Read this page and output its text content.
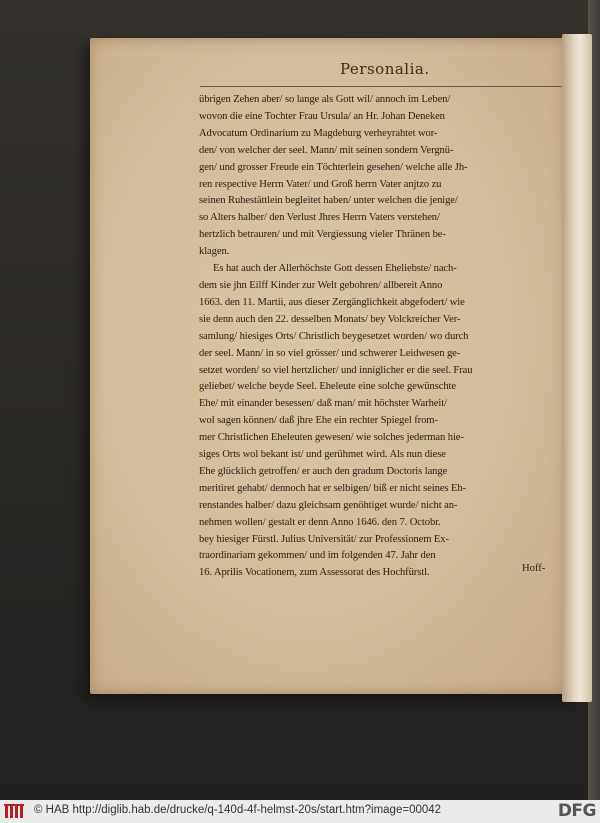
Personalia.
übrigen Zehen aber/ so lange als Gott wil/ annoch im Leben/
wovon die eine Tochter Frau Ursula/ an Hr. Johan Deneken
Advocatum Ordinarium zu Magdeburg verheyrahtet wor-
den/ von welcher der seel. Mann/ mit seinen sondern Vergnü-
gen/ und grosser Freude ein Töchterlein gesehen/ welche alle Jh-
ren respective Herrn Vater/ und Groß herrn Vater anjtzo zu
seinen Ruhestättlein begleitet haben/ unter welchen die jenige/
so Alters halber/ den Verlust Jhres Herrn Vaters verstehen/
hertzlich betrauren/ und mit Vergiessung vieler Thränen be-
klagen.
Es hat auch der Allerhöchste Gott dessen Eheliebste/ nach-
dem sie jhn Eilff Kinder zur Welt gebohren/ allbereit Anno
1663. den 11. Martii, aus dieser Zergänglichkeit abgefodert/ wie
sie denn auch den 22. desselben Monats/ bey Volckreicher Ver-
samlung/ hiesiges Orts/ Christlich beygesetzet worden/ wo durch
der seel. Mann/ in so viel grösser/ und schwerer Leidwesen ge-
setzet worden/ so viel hertzlicher/ und inniglicher er die seel. Frau
geliebet/ welche beyde Seel. Eheleute eine solche gewünschte
Ehe/ mit einander besessen/ daß man/ mit höchster Warheit/
wol sagen können/ daß jhre Ehe ein rechter Spiegel from-
mer Christlichen Eheleuten gewesen/ wie solches jederman hie-
siges Orts wol bekant ist/ und gerühmet wird. Als nun diese
Ehe glücklich getroffen/ er auch den gradum Doctoris lange
meritiret gehabt/ dennoch hat er selbigen/ biß er nicht seines Eh-
renstandes halber/ dazu gleichsam genöhtiget wurde/ nicht an-
nehmen wollen/ gestalt er denn Anno 1646. den 7. Octobr.
bey hiesiger Fürstl. Julius Universität/ zur Professionem Ex-
traordinariam gekommen/ und im folgenden 47. Jahr den
16. Aprilis Vocationem, zum Assessorat des Hochfürstl.	Hoff-
© HAB http://diglib.hab.de/drucke/q-140d-4f-helmst-20s/start.htm?image=00042	DFG
